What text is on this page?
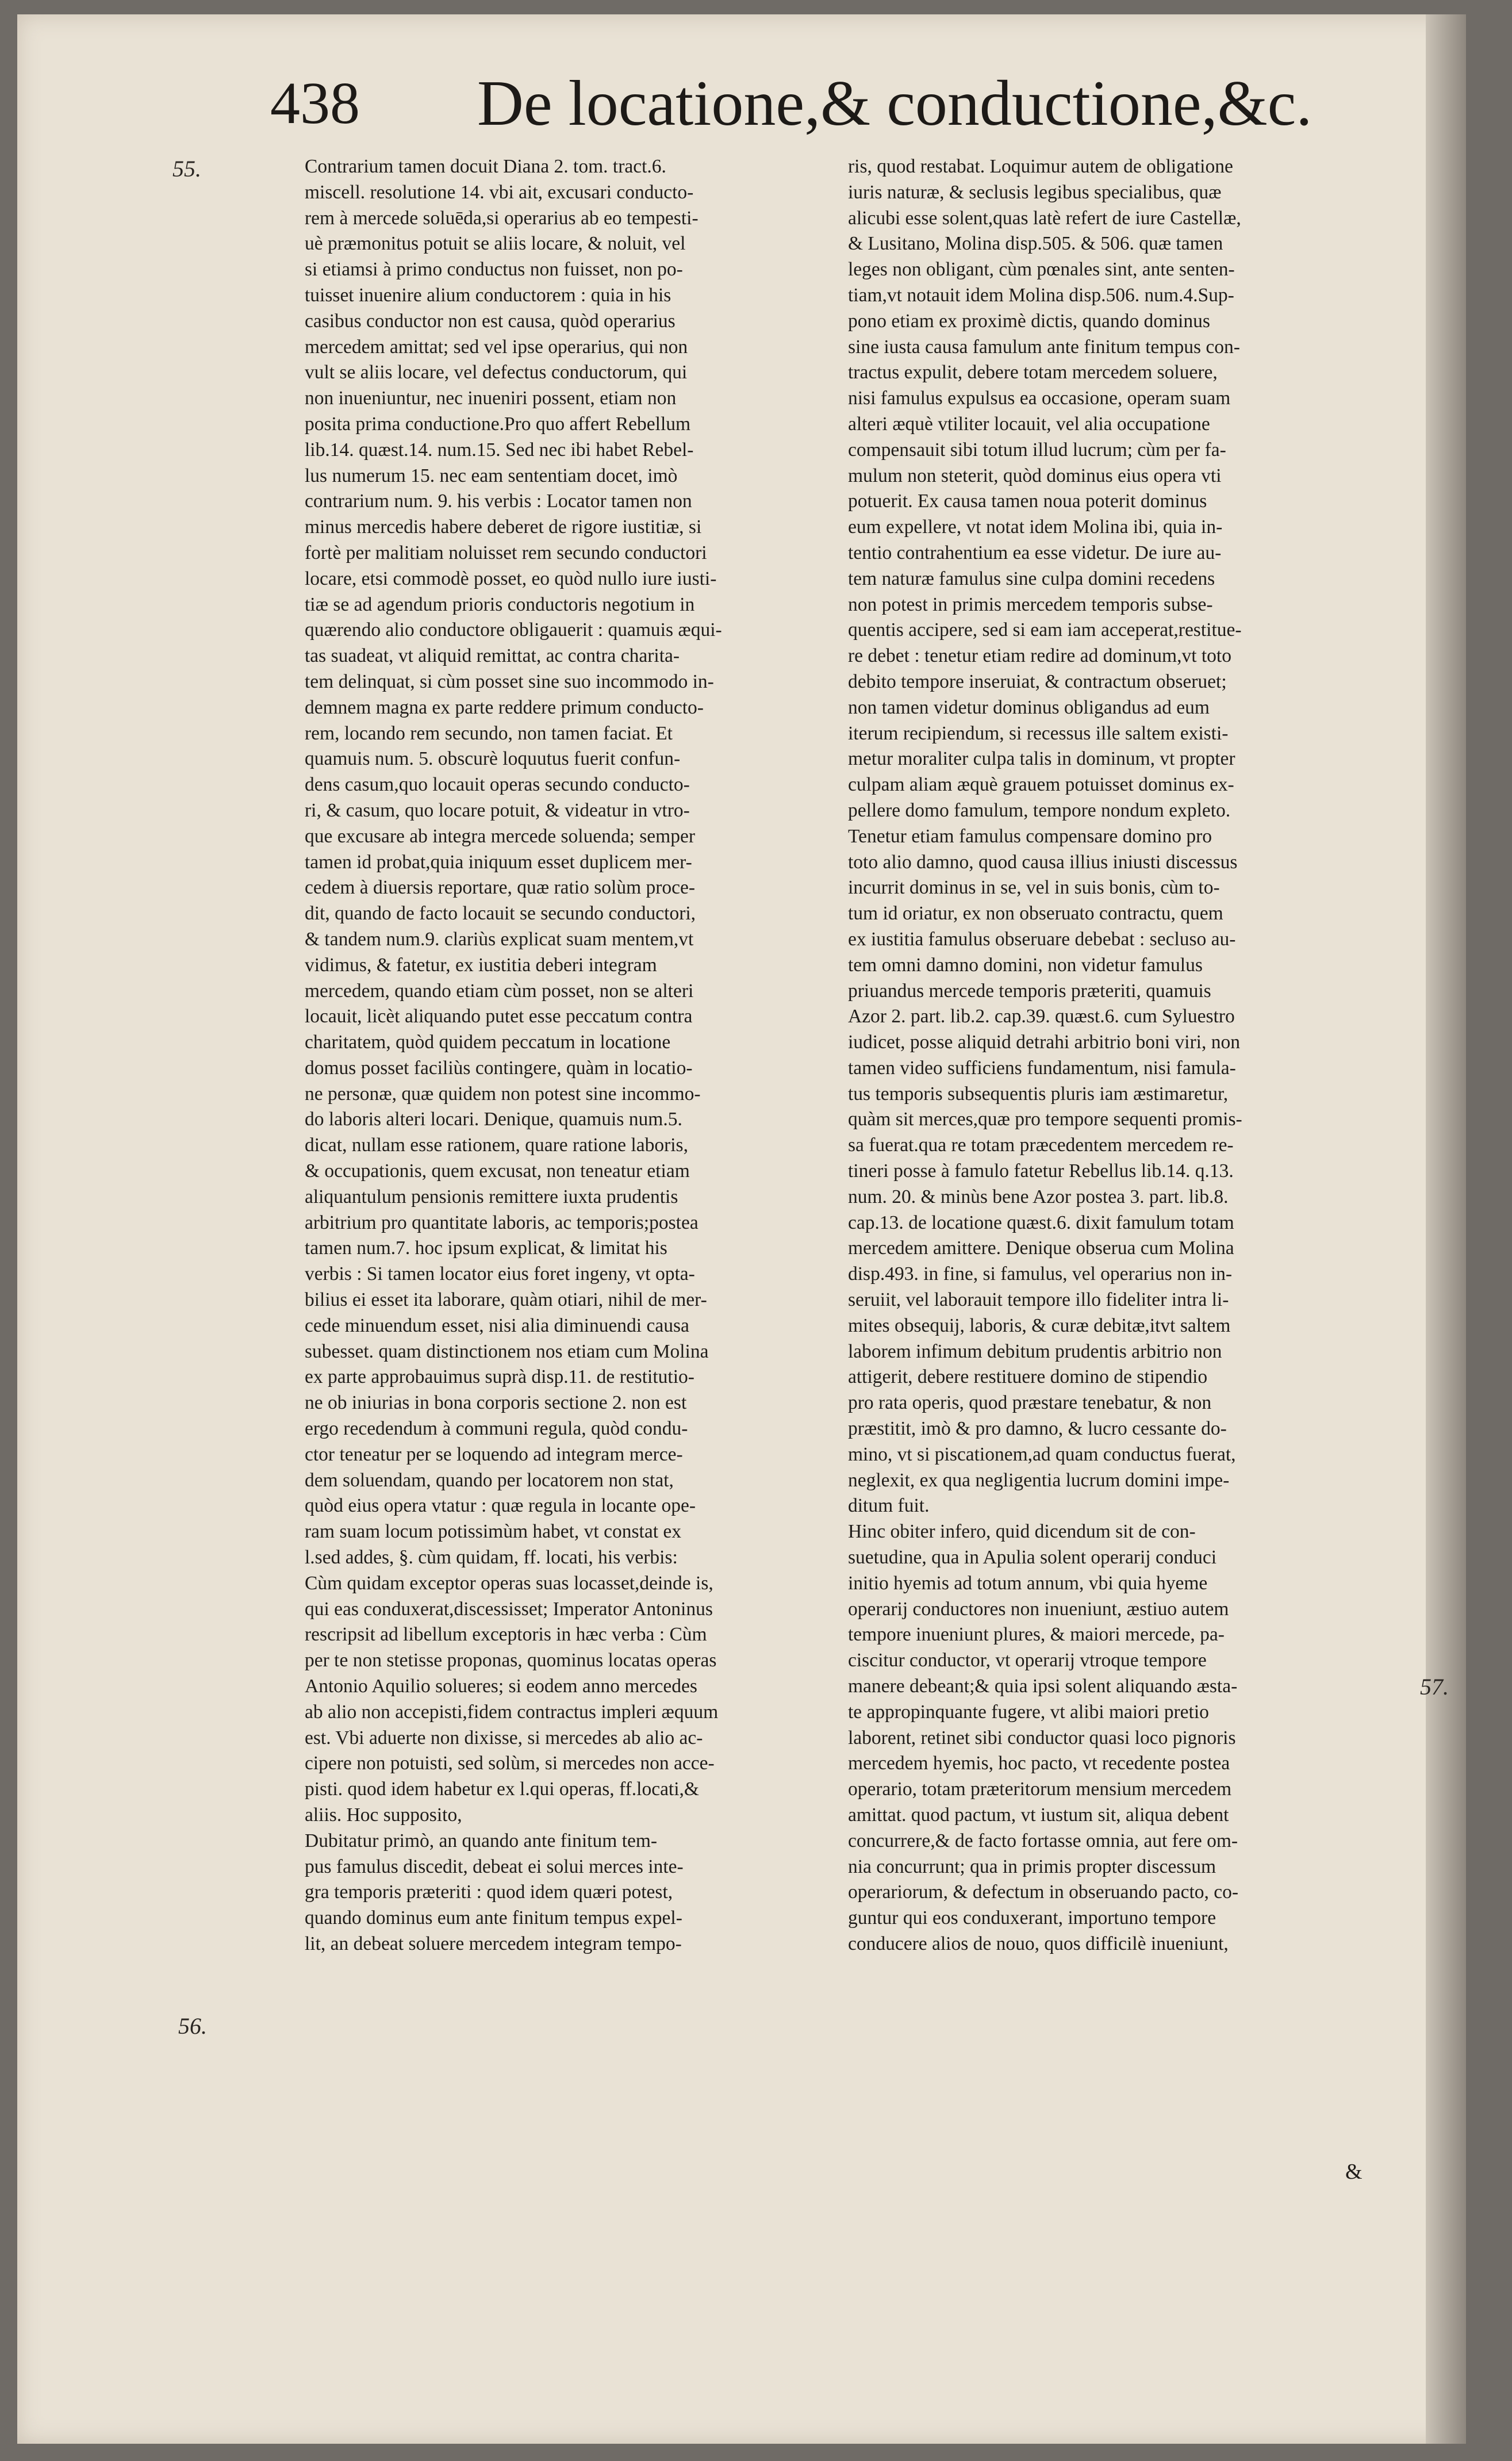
438 De locatione,& conductione,&c.
55.
56.
57.
Contrarium tamen docuit Diana 2. tom. tract.6.
miscell. resolutione 14. vbi ait, excusari conducto-
rem à mercede soluēda,si operarius ab eo tempesti-
uè præmonitus potuit se aliis locare, & noluit, vel
si etiamsi à primo conductus non fuisset, non po-
tuisset inuenire alium conductorem : quia in his
casibus conductor non est causa, quòd operarius
mercedem amittat; sed vel ipse operarius, qui non
vult se aliis locare, vel defectus conductorum, qui
non inueniuntur, nec inueniri possent, etiam non
posita prima conductione.Pro quo affert Rebellum
lib.14. quæst.14. num.15. Sed nec ibi habet Rebel-
lus numerum 15. nec eam sententiam docet, imò
contrarium num. 9. his verbis : Locator tamen non
minus mercedis habere deberet de rigore iustitiæ, si
fortè per malitiam noluisset rem secundo conductori
locare, etsi commodè posset, eo quòd nullo iure iusti-
tiæ se ad agendum prioris conductoris negotium in
quærendo alio conductore obligauerit : quamuis æqui-
tas suadeat, vt aliquid remittat, ac contra charita-
tem delinquat, si cùm posset sine suo incommodo in-
demnem magna ex parte reddere primum conducto-
rem, locando rem secundo, non tamen faciat. Et
quamuis num. 5. obscurè loquutus fuerit confun-
dens casum,quo locauit operas secundo conducto-
ri, & casum, quo locare potuit, & videatur in vtro-
que excusare ab integra mercede soluenda; semper
tamen id probat,quia iniquum esset duplicem mer-
cedem à diuersis reportare, quæ ratio solùm proce-
dit, quando de facto locauit se secundo conductori,
& tandem num.9. clariùs explicat suam mentem,vt
vidimus, & fatetur, ex iustitia deberi integram
mercedem, quando etiam cùm posset, non se alteri
locauit, licèt aliquando putet esse peccatum contra
charitatem, quòd quidem peccatum in locatione
domus posset faciliùs contingere, quàm in locatio-
ne personæ, quæ quidem non potest sine incommo-
do laboris alteri locari. Denique, quamuis num.5.
dicat, nullam esse rationem, quare ratione laboris,
& occupationis, quem excusat, non teneatur etiam
aliquantulum pensionis remittere iuxta prudentis
arbitrium pro quantitate laboris, ac temporis;postea
tamen num.7. hoc ipsum explicat, & limitat his
verbis : Si tamen locator eius foret ingeny, vt opta-
bilius ei esset ita laborare, quàm otiari, nihil de mer-
cede minuendum esset, nisi alia diminuendi causa
subesset. quam distinctionem nos etiam cum Molina
ex parte approbauimus suprà disp.11. de restitutio-
ne ob iniurias in bona corporis sectione 2. non est
ergo recedendum à communi regula, quòd condu-
ctor teneatur per se loquendo ad integram merce-
dem soluendam, quando per locatorem non stat,
quòd eius opera vtatur : quæ regula in locante ope-
ram suam locum potissimùm habet, vt constat ex
l.sed addes, §. cùm quidam, ff. locati, his verbis:
Cùm quidam exceptor operas suas locasset,deinde is,
qui eas conduxerat,discessisset; Imperator Antoninus
rescripsit ad libellum exceptoris in hæc verba : Cùm
per te non stetisse proponas, quominus locatas operas
Antonio Aquilio solueres; si eodem anno mercedes
ab alio non accepisti,fidem contractus impleri æquum
est. Vbi aduerte non dixisse, si mercedes ab alio ac-
cipere non potuisti, sed solùm, si mercedes non acce-
pisti. quod idem habetur ex l.qui operas, ff.locati,&
aliis. Hoc supposito,
Dubitatur primò, an quando ante finitum tem-
pus famulus discedit, debeat ei solui merces inte-
gra temporis præteriti : quod idem quæri potest,
quando dominus eum ante finitum tempus expel-
lit, an debeat soluere mercedem integram tempo-
ris, quod restabat. Loquimur autem de obligatione
iuris naturæ, & seclusis legibus specialibus, quæ
alicubi esse solent,quas latè refert de iure Castellæ,
& Lusitano, Molina disp.505. & 506. quæ tamen
leges non obligant, cùm pœnales sint, ante senten-
tiam,vt notauit idem Molina disp.506. num.4.Sup-
pono etiam ex proximè dictis, quando dominus
sine iusta causa famulum ante finitum tempus con-
tractus expulit, debere totam mercedem soluere,
nisi famulus expulsus ea occasione, operam suam
alteri æquè vtiliter locauit, vel alia occupatione
compensauit sibi totum illud lucrum; cùm per fa-
mulum non steterit, quòd dominus eius opera vti
potuerit. Ex causa tamen noua poterit dominus
eum expellere, vt notat idem Molina ibi, quia in-
tentio contrahentium ea esse videtur. De iure au-
tem naturæ famulus sine culpa domini recedens
non potest in primis mercedem temporis subse-
quentis accipere, sed si eam iam acceperat,restitue-
re debet : tenetur etiam redire ad dominum,vt toto
debito tempore inseruiat, & contractum obseruet;
non tamen videtur dominus obligandus ad eum
iterum recipiendum, si recessus ille saltem existi-
metur moraliter culpa talis in dominum, vt propter
culpam aliam æquè grauem potuisset dominus ex-
pellere domo famulum, tempore nondum expleto.
Tenetur etiam famulus compensare domino pro
toto alio damno, quod causa illius iniusti discessus
incurrit dominus in se, vel in suis bonis, cùm to-
tum id oriatur, ex non obseruato contractu, quem
ex iustitia famulus obseruare debebat : secluso au-
tem omni damno domini, non videtur famulus
priuandus mercede temporis præteriti, quamuis
Azor 2. part. lib.2. cap.39. quæst.6. cum Syluestro
iudicet, posse aliquid detrahi arbitrio boni viri, non
tamen video sufficiens fundamentum, nisi famula-
tus temporis subsequentis pluris iam æstimaretur,
quàm sit merces,quæ pro tempore sequenti promis-
sa fuerat.qua re totam præcedentem mercedem re-
tineri posse à famulo fatetur Rebellus lib.14. q.13.
num. 20. & minùs bene Azor postea 3. part. lib.8.
cap.13. de locatione quæst.6. dixit famulum totam
mercedem amittere. Denique obserua cum Molina
disp.493. in fine, si famulus, vel operarius non in-
seruiit, vel laborauit tempore illo fideliter intra li-
mites obsequij, laboris, & curæ debitæ,itvt saltem
laborem infimum debitum prudentis arbitrio non
attigerit, debere restituere domino de stipendio
pro rata operis, quod præstare tenebatur, & non
præstitit, imò & pro damno, & lucro cessante do-
mino, vt si piscationem,ad quam conductus fuerat,
neglexit, ex qua negligentia lucrum domini impe-
ditum fuit.
Hinc obiter infero, quid dicendum sit de con-
suetudine, qua in Apulia solent operarij conduci
initio hyemis ad totum annum, vbi quia hyeme
operarij conductores non inueniunt, æstiuo autem
tempore inueniunt plures, & maiori mercede, pa-
ciscitur conductor, vt operarij vtroque tempore
manere debeant;& quia ipsi solent aliquando æsta-
te appropinquante fugere, vt alibi maiori pretio
laborent, retinet sibi conductor quasi loco pignoris
mercedem hyemis, hoc pacto, vt recedente postea
operario, totam præteritorum mensium mercedem
amittat. quod pactum, vt iustum sit, aliqua debent
concurrere,& de facto fortasse omnia, aut fere om-
nia concurrunt; qua in primis propter discessum
operariorum, & defectum in obseruando pacto, co-
guntur qui eos conduxerant, importuno tempore
conducere alios de nouo, quos difficilè inueniunt,
&
